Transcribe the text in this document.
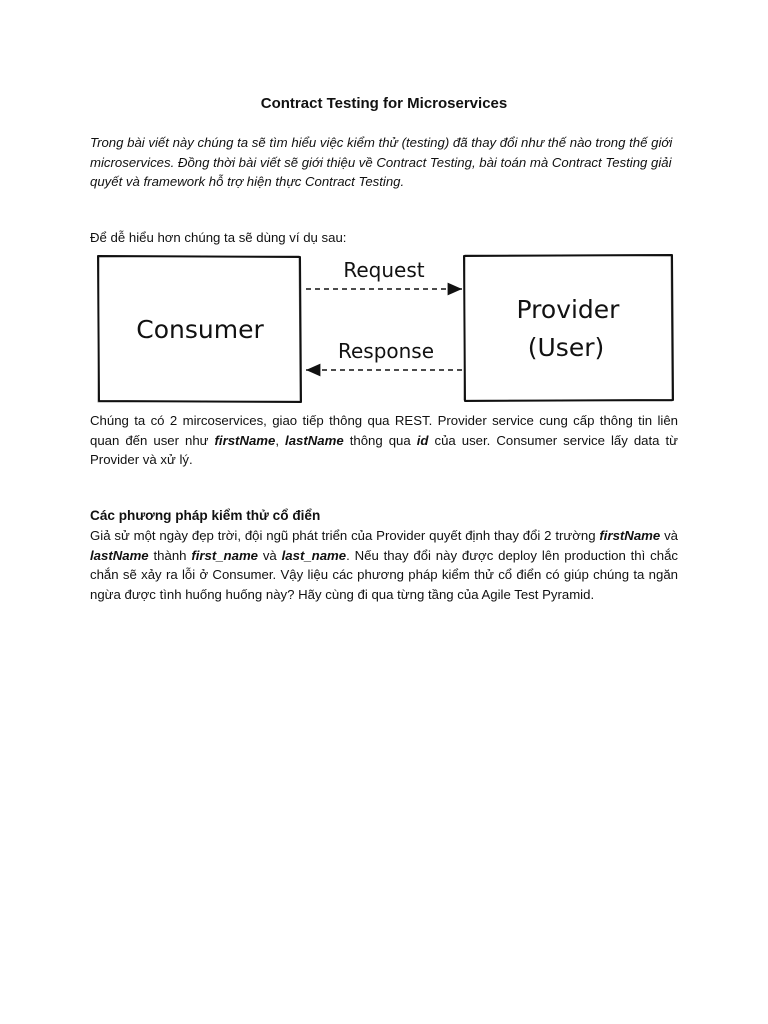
Contract Testing for Microservices
Trong bài viết này chúng ta sẽ tìm hiểu việc kiểm thử (testing) đã thay đổi như thế nào trong thế giới microservices. Đồng thời bài viết sẽ giới thiệu về Contract Testing, bài toán mà Contract Testing giải quyết và framework hỗ trợ hiện thực Contract Testing.
Để dễ hiểu hơn chúng ta sẽ dùng ví dụ sau:
Consumer
Provider
(User)
Request
Response
Chúng ta có 2 mircoservices, giao tiếp thông qua REST. Provider service cung cấp thông tin liên quan đến user như firstName, lastName thông qua id của user. Consumer service lấy data từ Provider và xử lý.
Các phương pháp kiểm thử cổ điển
Giả sử một ngày đẹp trời, đội ngũ phát triển của Provider quyết định thay đổi 2 trường firstName và lastName thành first_name và last_name. Nếu thay đổi này được deploy lên production thì chắc chắn sẽ xảy ra lỗi ở Consumer. Vậy liệu các phương pháp kiểm thử cổ điển có giúp chúng ta ngăn ngừa được tình huống huống này? Hãy cùng đi qua từng tầng của Agile Test Pyramid.
